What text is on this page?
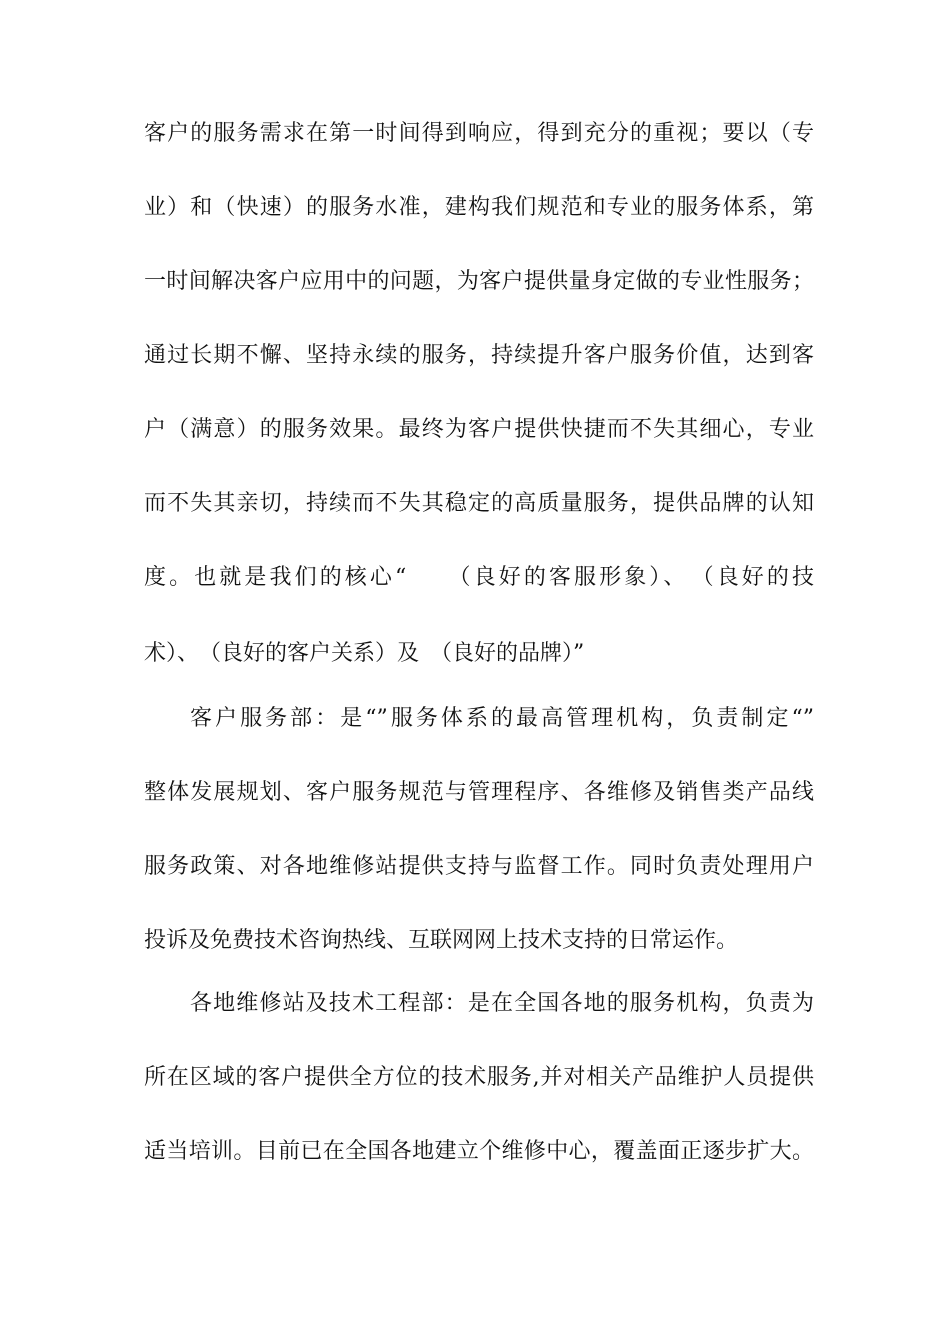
客户的服务需求在第一时间得到响应，得到充分的重视；要以（专
业）和（快速）的服务水准，建构我们规范和专业的服务体系，第
一时间解决客户应用中的问题，为客户提供量身定做的专业性服务；
通过长期不懈、坚持永续的服务，持续提升客户服务价值，达到客
户（满意）的服务效果。最终为客户提供快捷而不失其细心，专业
而不失其亲切，持续而不失其稳定的高质量服务，提供品牌的认知
度。也就是我们的核心“　　（良好的客服形象）、　（良好的技
术）、　（良好的客户关系）及　（良好的品牌）”
客户服务部：是“”服务体系的最高管理机构，负责制定“”
整体发展规划、客户服务规范与管理程序、各维修及销售类产品线
服务政策、对各地维修站提供支持与监督工作。同时负责处理用户
投诉及免费技术咨询热线、互联网网上技术支持的日常运作。
各地维修站及技术工程部：是在全国各地的服务机构，负责为
所在区域的客户提供全方位的技术服务,并对相关产品维护人员提供
适当培训。目前已在全国各地建立个维修中心，覆盖面正逐步扩大。
